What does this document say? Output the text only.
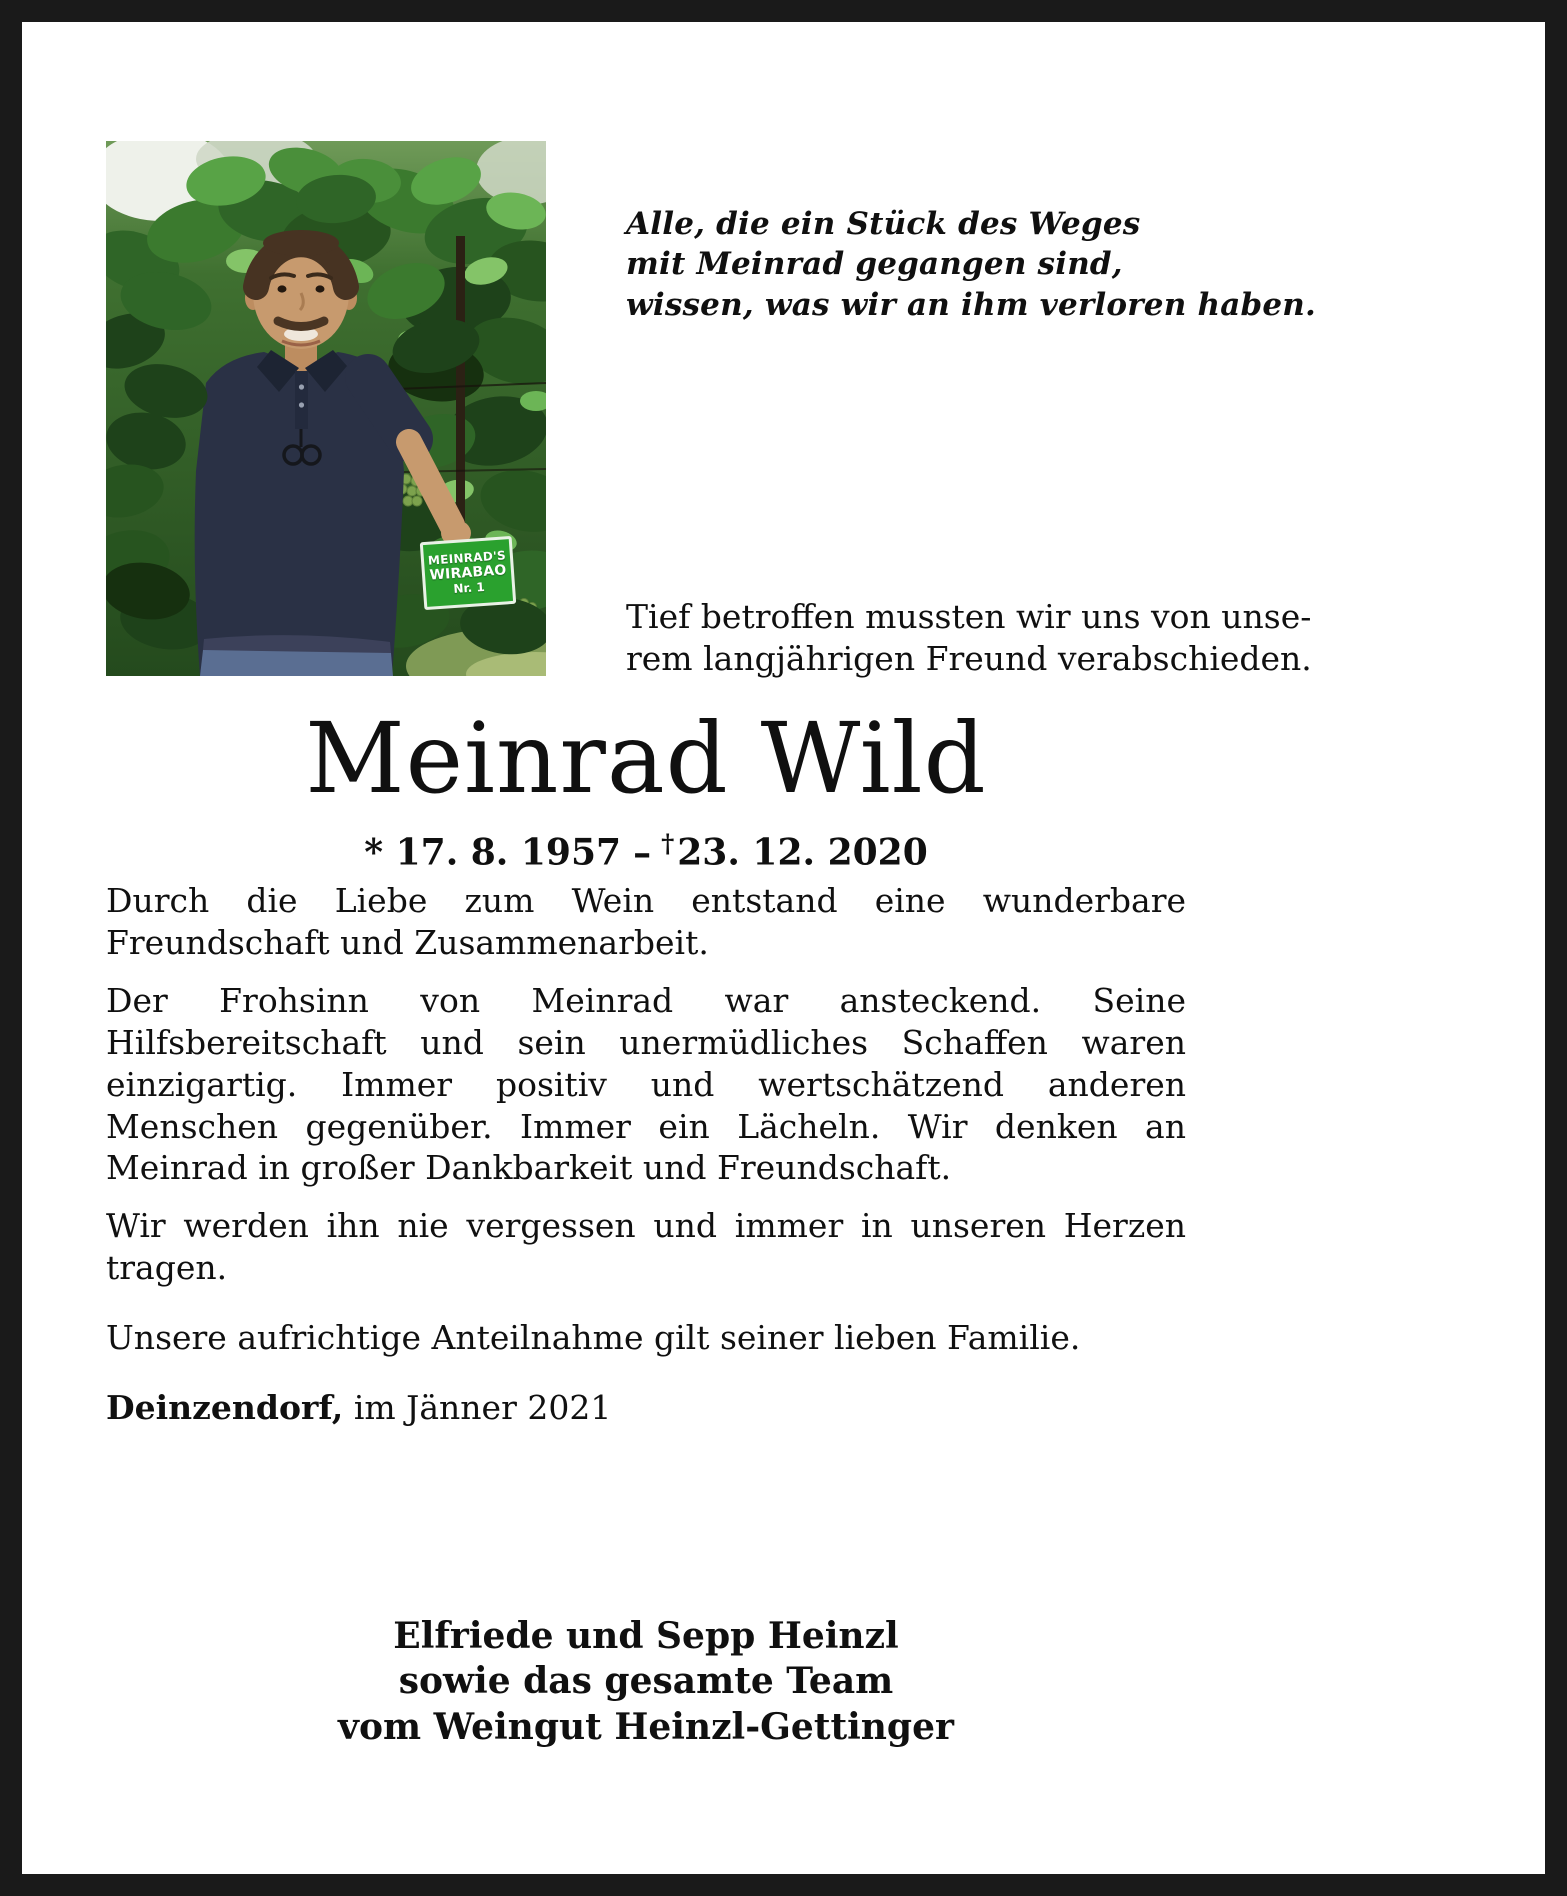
MEINRAD'S
WIRABAO
Nr. 1
Alle, die ein Stück des Weges
mit Meinrad gegangen sind,
wissen, was wir an ihm verloren haben.
Tief betroffen mussten wir uns von unse-
rem langjährigen Freund verabschieden.
Meinrad Wild
* 17. 8. 1957 – †23. 12. 2020

Durch die Liebe zum Wein entstand eine wunderbare Freundschaft und Zusammenarbeit.

Der Frohsinn von Meinrad war ansteckend. Seine Hilfsbereitschaft und sein unermüdliches Schaffen waren einzigartig. Immer positiv und wertschätzend anderen Menschen gegenüber. Immer ein Lächeln. Wir denken an Meinrad in großer Dankbarkeit und Freundschaft.

Wir werden ihn nie vergessen und immer in unseren Herzen tragen.

Unsere aufrichtige Anteilnahme gilt seiner lieben Familie.

Deinzendorf, im Jänner 2021

Elfriede und Sepp Heinzl
sowie das gesamte Team
vom Weingut Heinzl-Gettinger
